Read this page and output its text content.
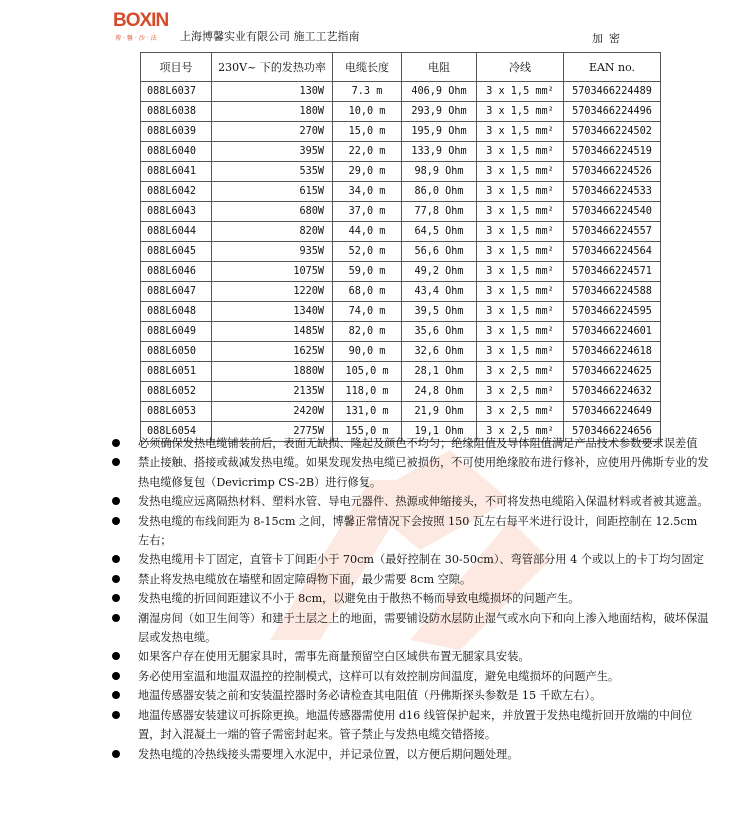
BOXIN
博·馨·沙·法 上海博馨实业有限公司 施工工艺指南	加密
项目号	230V~ 下的发热功率	电缆长度	电阻	冷线	EAN no.
088L6037	130W	7.3 m	406,9 Ohm	3 x 1,5 mm²	5703466224489
088L6038	180W	10,0 m	293,9 Ohm	3 x 1,5 mm²	5703466224496
088L6039	270W	15,0 m	195,9 Ohm	3 x 1,5 mm²	5703466224502
088L6040	395W	22,0 m	133,9 Ohm	3 x 1,5 mm²	5703466224519
088L6041	535W	29,0 m	98,9 Ohm	3 x 1,5 mm²	5703466224526
088L6042	615W	34,0 m	86,0 Ohm	3 x 1,5 mm²	5703466224533
088L6043	680W	37,0 m	77,8 Ohm	3 x 1,5 mm²	5703466224540
088L6044	820W	44,0 m	64,5 Ohm	3 x 1,5 mm²	5703466224557
088L6045	935W	52,0 m	56,6 Ohm	3 x 1,5 mm²	5703466224564
088L6046	1075W	59,0 m	49,2 Ohm	3 x 1,5 mm²	5703466224571
088L6047	1220W	68,0 m	43,4 Ohm	3 x 1,5 mm²	5703466224588
088L6048	1340W	74,0 m	39,5 Ohm	3 x 1,5 mm²	5703466224595
088L6049	1485W	82,0 m	35,6 Ohm	3 x 1,5 mm²	5703466224601
088L6050	1625W	90,0 m	32,6 Ohm	3 x 1,5 mm²	5703466224618
088L6051	1880W	105,0 m	28,1 Ohm	3 x 2,5 mm²	5703466224625
088L6052	2135W	118,0 m	24,8 Ohm	3 x 2,5 mm²	5703466224632
088L6053	2420W	131,0 m	21,9 Ohm	3 x 2,5 mm²	5703466224649
088L6054	2775W	155,0 m	19,1 Ohm	3 x 2,5 mm²	5703466224656
必须确保发热电缆铺装前后，表面无缺损、隆起及颜色不均匀；绝缘阻值及导体阻值满足产品技术参数要求误差值
禁止接触、搭接或裁减发热电缆。如果发现发热电缆已被损伤，不可使用绝缘胶布进行修补，应使用丹佛斯专业的发热电缆修复包（Devicrimp CS-2B）进行修复。
发热电缆应远离隔热材料、塑料水管、导电元器件、热源或伸缩接头，不可将发热电缆陷入保温材料或者被其遮盖。
发热电缆的布线间距为 8-15cm 之间，博馨正常情况下会按照 150 瓦左右每平米进行设计，间距控制在 12.5cm 左右；
发热电缆用卡丁固定，直管卡丁间距小于 70cm（最好控制在 30-50cm）、弯管部分用 4 个或以上的卡丁均匀固定
禁止将发热电缆放在墙壁和固定障碍物下面，最少需要 8cm 空隙。
发热电缆的折回间距建议不小于 8cm，以避免由于散热不畅而导致电缆损坏的问题产生。
潮湿房间（如卫生间等）和建于土层之上的地面，需要铺设防水层防止湿气或水向下和向上渗入地面结构，破坏保温层或发热电缆。
如果客户存在使用无腿家具时，需事先商量预留空白区域供布置无腿家具安装。
务必使用室温和地温双温控的控制模式，这样可以有效控制房间温度，避免电缆损坏的问题产生。
地温传感器安装之前和安装温控器时务必请检查其电阻值（丹佛斯探头参数是 15 千欧左右）。
地温传感器安装建议可拆除更换。地温传感器需使用 d16 线管保护起来，并放置于发热电缆折回开放端的中间位置，封入混凝土一端的管子需密封起来。管子禁止与发热电缆交错搭接。
发热电缆的冷热线接头需要埋入水泥中，并记录位置，以方便后期问题处理。
